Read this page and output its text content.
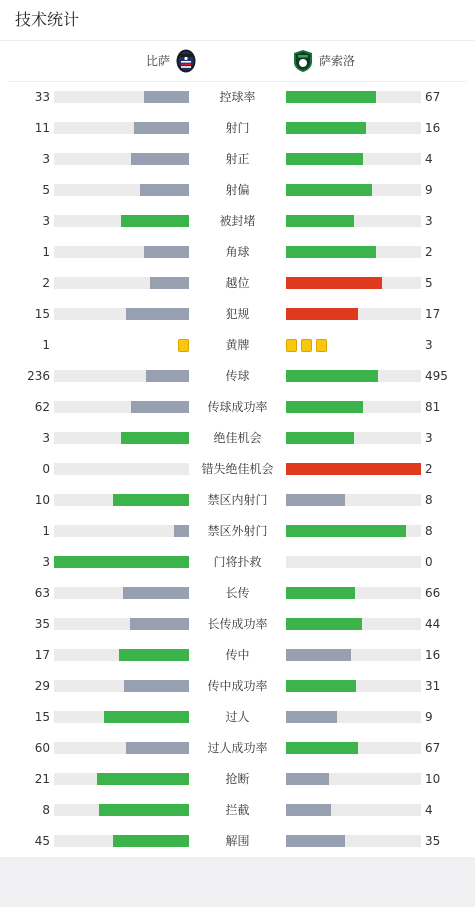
技术统计
比萨	萨索洛
33	控球率	67
11	射门	16
3	射正	4
5	射偏	9
3	被封堵	3
1	角球	2
2	越位	5
15	犯规	17
1	黄牌	3
236	传球	495
62	传球成功率	81
3	绝佳机会	3
0	错失绝佳机会	2
10	禁区内射门	8
1	禁区外射门	8
3	门将扑救	0
63	长传	66
35	长传成功率	44
17	传中	16
29	传中成功率	31
15	过人	9
60	过人成功率	67
21	抢断	10
8	拦截	4
45	解围	35
